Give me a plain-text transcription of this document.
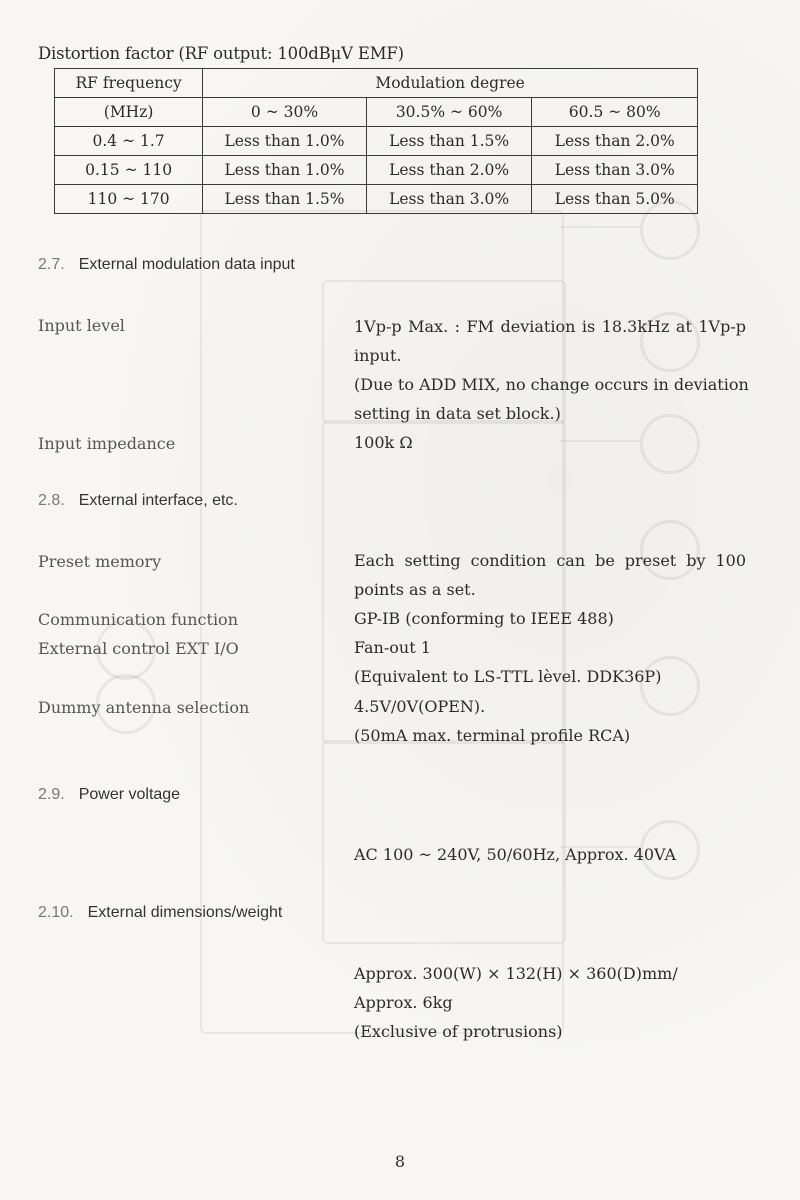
Distortion factor (RF output: 100dBμV EMF)
RF frequency	Modulation degree		
(MHz)	0 ~ 30%	30.5% ~ 60%	60.5 ~ 80%
0.4 ~ 1.7	Less than 1.0%	Less than 1.5%	Less than 2.0%
0.15 ~ 110	Less than 1.0%	Less than 2.0%	Less than 3.0%
110 ~ 170	Less than 1.5%	Less than 3.0%	Less than 5.0%
2.7. External modulation data input
Input level	1Vp-p Max. : FM deviation is 18.3kHz at 1Vp-p
input.
(Due to ADD MIX, no change occurs in deviation
setting in data set block.)
Input impedance	100k Ω
2.8. External interface, etc.
Preset memory	Each setting condition can be preset by 100
points as a set.
Communication function	GP-IB (conforming to IEEE 488)
External control EXT I/O	Fan-out 1
(Equivalent to LS-TTL lèvel. DDK36P)
Dummy antenna selection	4.5V/0V(OPEN).
(50mA max. terminal profile RCA)
2.9. Power voltage
AC 100 ~ 240V, 50/60Hz, Approx. 40VA
2.10. External dimensions/weight
Approx. 300(W) × 132(H) × 360(D)mm/
Approx. 6kg
(Exclusive of protrusions)
8
